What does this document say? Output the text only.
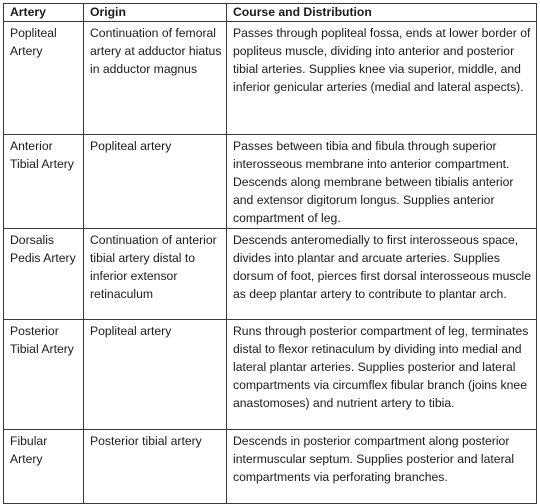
Artery	Origin	Course and Distribution
Popliteal Artery	Continuation of femoral artery at adductor hiatus in adductor magnus	Passes through popliteal fossa, ends at lower border of popliteus muscle, dividing into anterior and posterior tibial arteries. Supplies knee via superior, middle, and inferior genicular arteries (medial and lateral aspects).
Anterior Tibial Artery	Popliteal artery	Passes between tibia and fibula through superior interosseous membrane into anterior compartment. Descends along membrane between tibialis anterior and extensor digitorum longus. Supplies anterior compartment of leg.
Dorsalis Pedis Artery	Continuation of anterior tibial artery distal to inferior extensor retinaculum	Descends anteromedially to first interosseous space, divides into plantar and arcuate arteries. Supplies dorsum of foot, pierces first dorsal interosseous muscle as deep plantar artery to contribute to plantar arch.
Posterior Tibial Artery	Popliteal artery	Runs through posterior compartment of leg, terminates distal to flexor retinaculum by dividing into medial and lateral plantar arteries. Supplies posterior and lateral compartments via circumflex fibular branch (joins knee anastomoses) and nutrient artery to tibia.
Fibular Artery	Posterior tibial artery	Descends in posterior compartment along posterior intermuscular septum. Supplies posterior and lateral compartments via perforating branches.
